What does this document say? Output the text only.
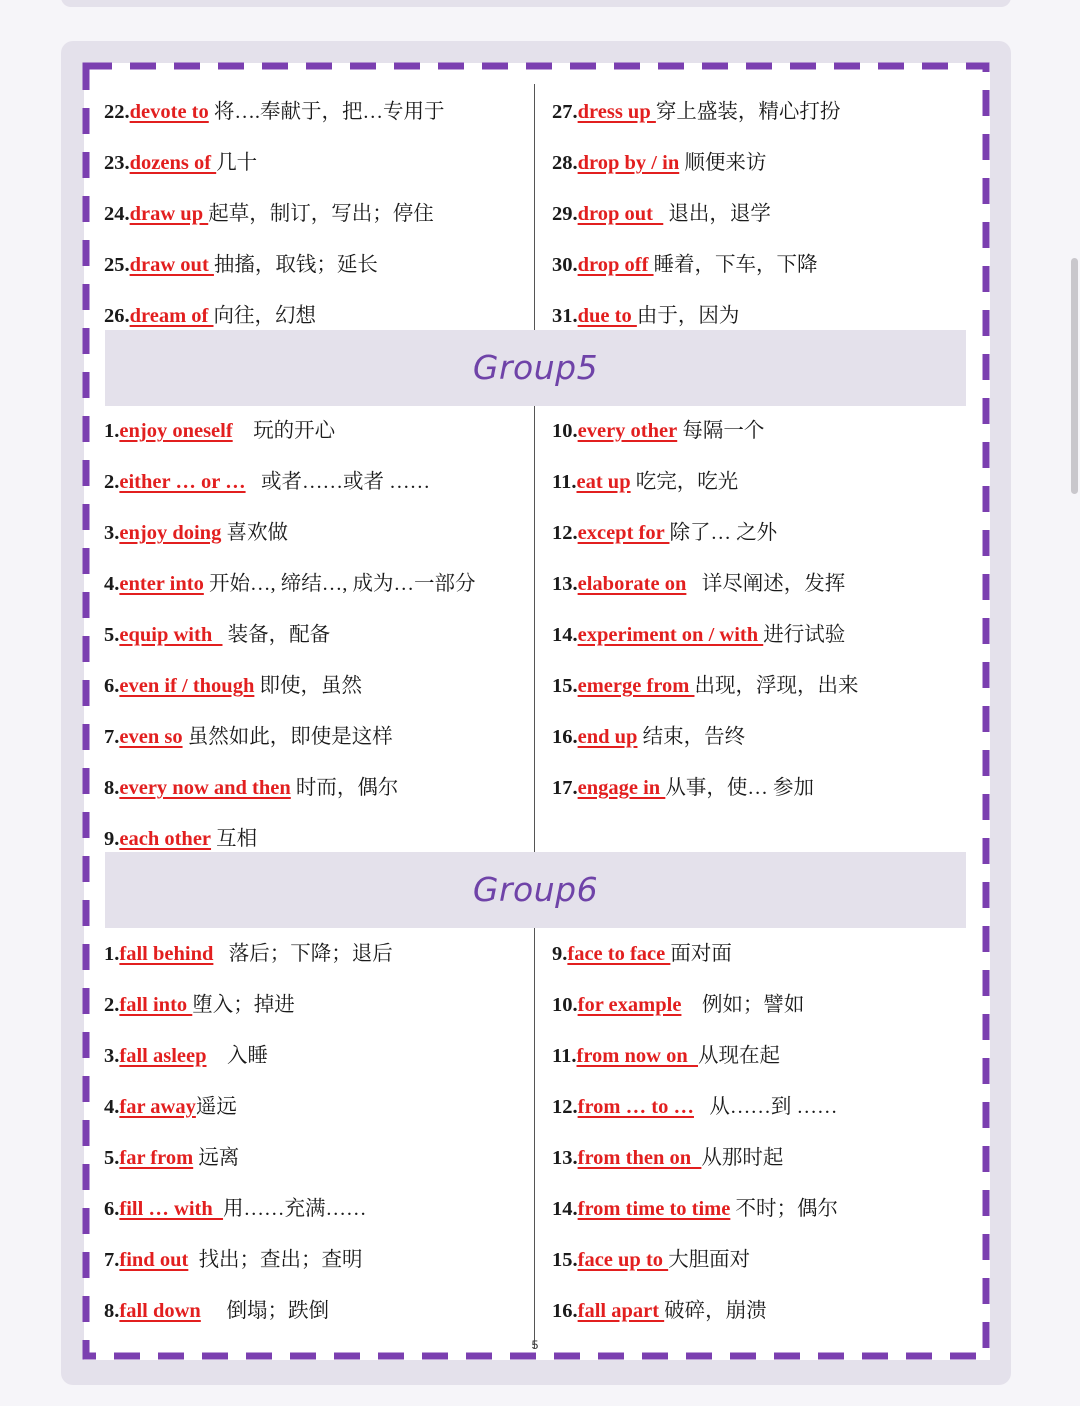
22.devote to 将….奉献于，把…专用于
23.dozens of 几十
24.draw up 起草，制订，写出；停住
25.draw out 抽搐，取钱；延长
26.dream of 向往，幻想
27.dress up 穿上盛装，精心打扮
28.drop by / in 顺便来访
29.drop out   退出，退学
30.drop off 睡着，下车，下降
31.due to 由于，因为
Group5
1.enjoy oneself    玩的开心
2.either … or …   或者……或者 ……
3.enjoy doing 喜欢做
4.enter into 开始…, 缔结…, 成为…一部分
5.equip with   装备，配备
6.even if / though 即使，虽然
7.even so 虽然如此，即使是这样
8.every now and then 时而，偶尔
9.each other 互相
10.every other 每隔一个
11.eat up 吃完，吃光
12.except for 除了… 之外
13.elaborate on   详尽阐述，发挥
14.experiment on / with 进行试验
15.emerge from 出现，浮现，出来
16.end up 结束，告终
17.engage in 从事，使… 参加
Group6
1.fall behind   落后；下降；退后
2.fall into 堕入；掉进
3.fall asleep    入睡
4.far away遥远
5.far from 远离
6.fill … with  用……充满……
7.find out  找出；查出；查明
8.fall down     倒塌；跌倒
9.face to face 面对面
10.for example    例如；譬如
11.from now on  从现在起
12.from … to …   从……到 ……
13.from then on  从那时起
14.from time to time 不时；偶尔
15.face up to 大胆面对
16.fall apart 破碎，崩溃
5
